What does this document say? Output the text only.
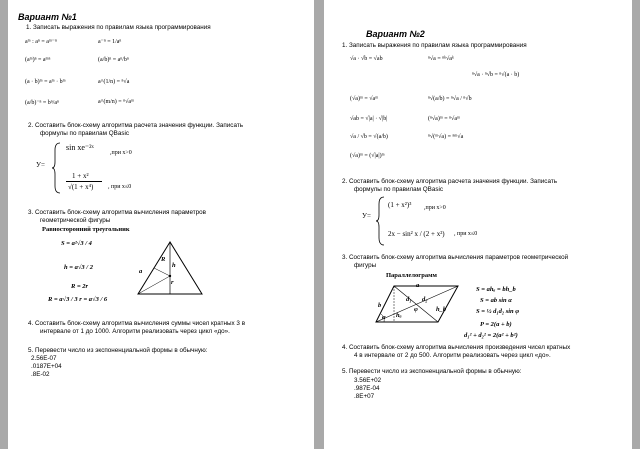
Вариант №1
1. Записать выражения по правилам языка программирования
aᵐ : aⁿ = aᵐ⁻ⁿ	a⁻ⁿ = 1/aⁿ
(aᵐ)ⁿ = aᵐⁿ	(a/b)ⁿ = aⁿ/bⁿ
(a · b)ᵐ = aᵐ · bᵐ	a^(1/n) = ⁿ√a
(a/b)⁻ⁿ = bⁿ/aⁿ	a^(m/n) = ⁿ√aᵐ
2. Составить блок-схему алгоритма расчета значения функции. Записать
формулы по правилам QBasic
У=
sin xe⁻²ˣ
,при x>0
1 + x²
√(1 + x⁴) , при x≤0
3. Составить блок-схему алгоритма вычисления параметров
геометрической фигуры
Равносторонний треугольник
S = a²√3 / 4
h = a√3 / 2
R = 2r
R = a√3 / 3 r = a√3 / 6
a
R
h
r
4. Составить блок-схему алгоритма вычисления суммы чисел кратных 3 в
интервале от 1 до 1000. Алгоритм реализовать через цикл «до».
5. Перевести число из экспоненциальной формы в обычную:
2.56E-07
.0187E+04
.8E-02
Вариант №2
1. Записать выражения по правилам языка программирования
√a · √b = √ab	ⁿ√a = ⁿᵏ√aᵏ
ⁿ√a · ⁿ√b = ⁿ√(a · b)
(√a)ᵐ = √aᵐ	ⁿ√(a/b) = ⁿ√a / ⁿ√b
√ab = √|a| · √|b|	(ⁿ√a)ᵐ = ⁿ√aᵐ
√a / √b = √(a/b)	ⁿ√(ᵐ√a) = ⁿᵐ√a
(√a)ᵐ = (√|a|)ᵐ
2. Составить блок-схему алгоритма расчета значения функции. Записать
формулы по правилам QBasic
У=
(1 + x²)³ ,при x>0
2x − sin² x / (2 + x²) , при x≤0
3. Составить блок-схему алгоритма вычисления параметров геометрической
фигуры
Параллелограмм
a
b
d₁ d₂
α
φ
hₐ
h_b
S = ahₐ = bh_b
S = ab sin α
S = ½ d₁d₂ sin φ
P = 2(a + b)
d₁² + d₂² = 2(a² + b²)
4. Составить блок-схему алгоритма вычисления произведения чисел кратных
4 в интервале от 2 до 500. Алгоритм реализовать через цикл «до».
5. Перевести число из экспоненциальной формы в обычную:
3.56E+02
.987E-04
.8E+07
